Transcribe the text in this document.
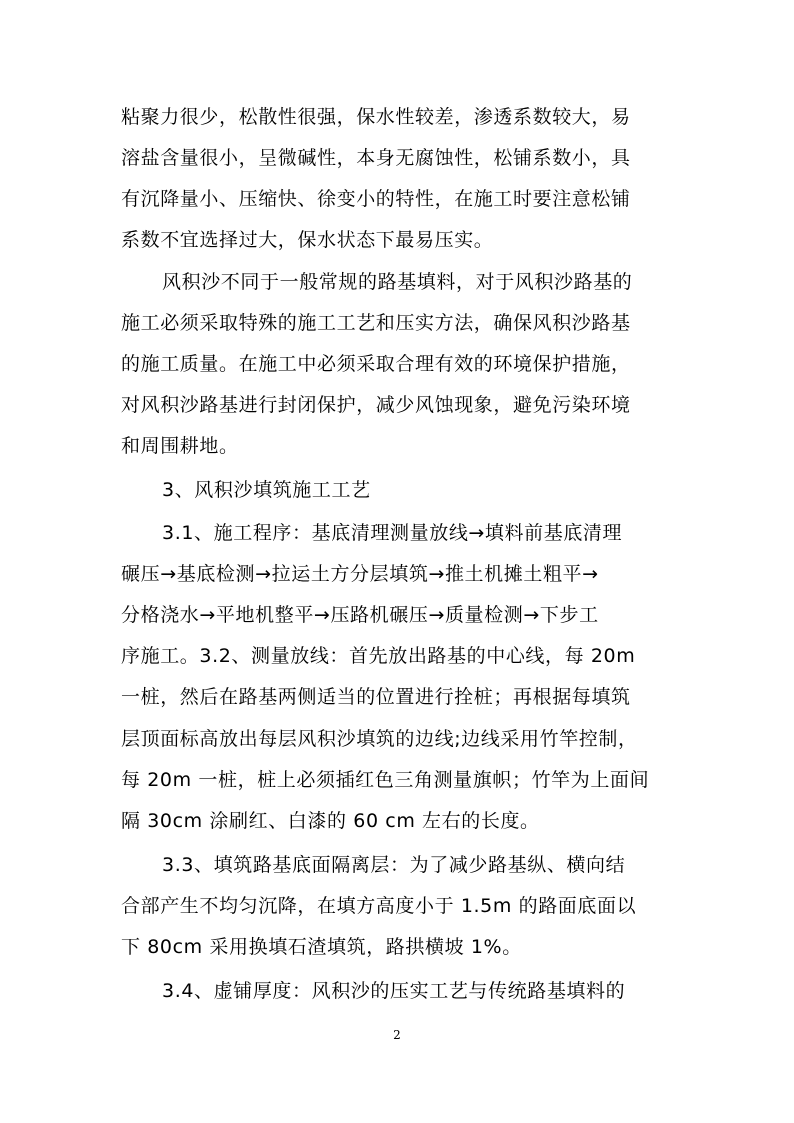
粘聚力很少，松散性很强，保水性较差，渗透系数较大，易
溶盐含量很小，呈微碱性，本身无腐蚀性，松铺系数小，具
有沉降量小、压缩快、徐变小的特性，在施工时要注意松铺
系数不宜选择过大，保水状态下最易压实。
风积沙不同于一般常规的路基填料，对于风积沙路基的
施工必须采取特殊的施工工艺和压实方法，确保风积沙路基
的施工质量。在施工中必须采取合理有效的环境保护措施，
对风积沙路基进行封闭保护，减少风蚀现象，避免污染环境
和周围耕地。
3、风积沙填筑施工工艺
3.1、施工程序：基底清理测量放线→填料前基底清理
碾压→基底检测→拉运土方分层填筑→推土机摊土粗平→
分格浇水→平地机整平→压路机碾压→质量检测→下步工
序施工。3.2、测量放线：首先放出路基的中心线，每 20m
一桩，然后在路基两侧适当的位置进行拴桩；再根据每填筑
层顶面标高放出每层风积沙填筑的边线;边线采用竹竿控制，
每 20m 一桩，桩上必须插红色三角测量旗帜；竹竿为上面间
隔 30cm 涂刷红、白漆的 60 cm 左右的长度。
3.3、填筑路基底面隔离层：为了减少路基纵、横向结
合部产生不均匀沉降，在填方高度小于 1.5m 的路面底面以
下 80cm 采用换填石渣填筑，路拱横坡 1%。
3.4、虚铺厚度：风积沙的压实工艺与传统路基填料的
2
